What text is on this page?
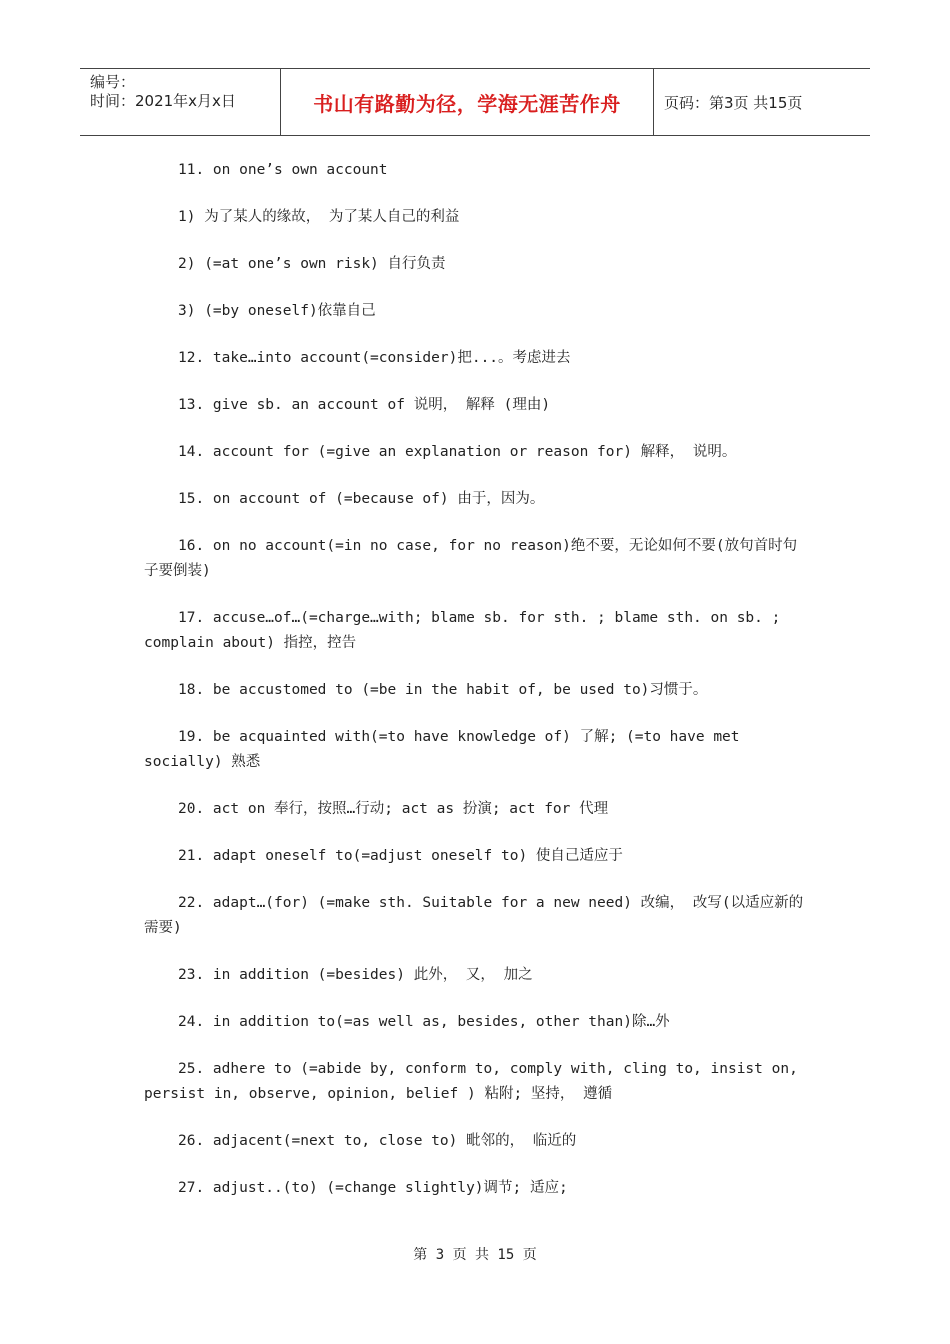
编号：
时间：2021年x月x日	书山有路勤为径，学海无涯苦作舟	页码：第3页 共15页

11. on one’s own account

1) 为了某人的缘故， 为了某人自己的利益

2) (=at one’s own risk) 自行负责

3) (=by oneself)依靠自己

12. take…into account(=consider)把...。考虑进去

13. give sb. an account of 说明， 解释 (理由)

14. account for (=give an explanation or reason for) 解释， 说明。

15. on account of (=because of) 由于，因为。

16. on no account(=in no case, for no reason)绝不要，无论如何不要(放句首时句子要倒装)

17. accuse…of…(=charge…with; blame sb. for sth. ; blame sth. on sb. ; complain about) 指控，控告

18. be accustomed to (=be in the habit of, be used to)习惯于。

19. be acquainted with(=to have knowledge of) 了解; (=to have met socially) 熟悉

20. act on 奉行，按照…行动; act as 扮演; act for 代理

21. adapt oneself to(=adjust oneself to) 使自己适应于

22. adapt…(for) (=make sth. Suitable for a new need) 改编， 改写(以适应新的需要)

23. in addition (=besides) 此外， 又， 加之

24. in addition to(=as well as, besides, other than)除…外

25. adhere to (=abide by, conform to, comply with, cling to, insist on, persist in, observe, opinion, belief ) 粘附; 坚持， 遵循

26. adjacent(=next to, close to) 毗邻的， 临近的

27. adjust..(to) (=change slightly)调节; 适应;

第 3 页 共 15 页
